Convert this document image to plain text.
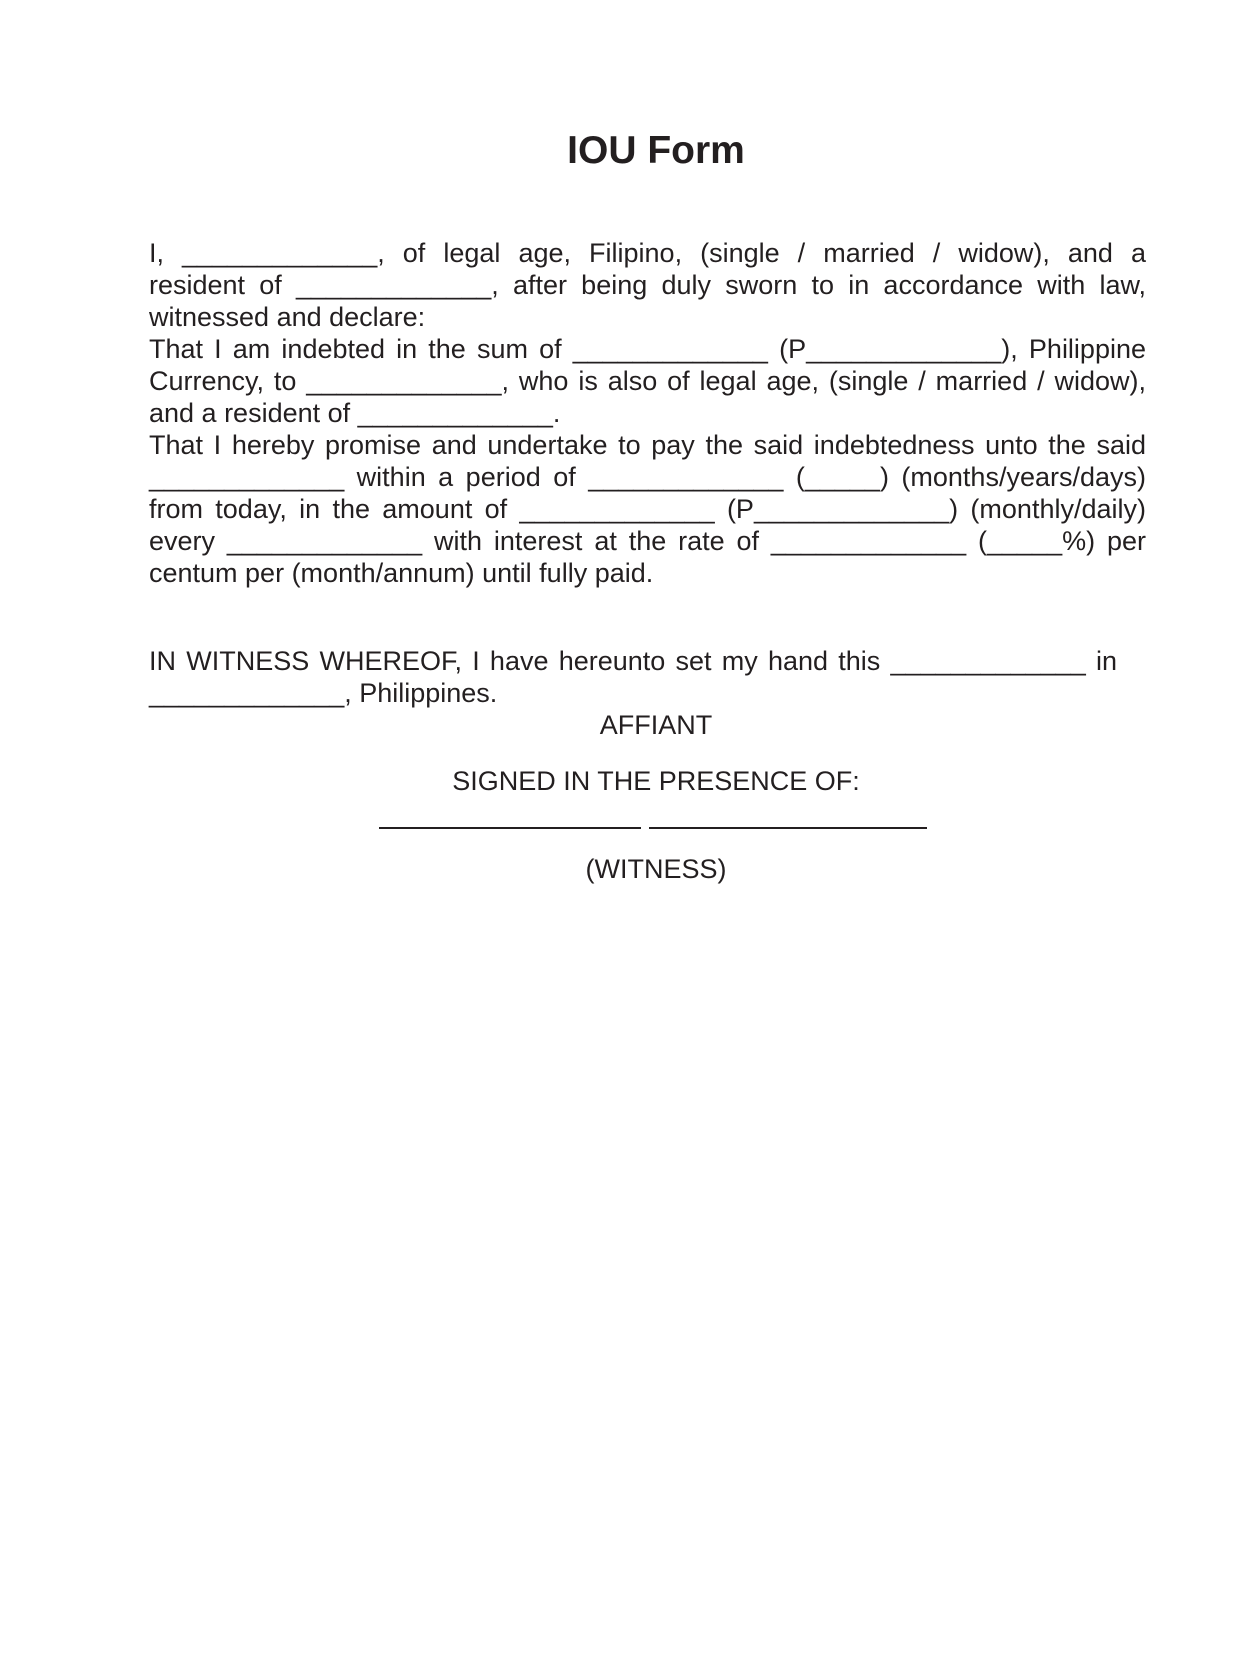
IOU Form

I, _____________, of legal age, Filipino, (single / married / widow), and a

resident of _____________, after being duly sworn to in accordance with law,

witnessed and declare:

That I am indebted in the sum of _____________ (P_____________), Philippine

Currency, to _____________, who is also of legal age, (single / married / widow),

and a resident of _____________.

That I hereby promise and undertake to pay the said indebtedness unto the said

_____________ within a period of _____________ (_____) (months/years/days)

from today, in the amount of _____________ (P_____________) (monthly/daily)

every _____________ with interest at the rate of _____________ (_____%) per

centum per (month/annum) until fully paid.

IN WITNESS WHEREOF, I have hereunto set my hand this _____________ in

_____________, Philippines.

AFFIANT

SIGNED IN THE PRESENCE OF:

(WITNESS)
